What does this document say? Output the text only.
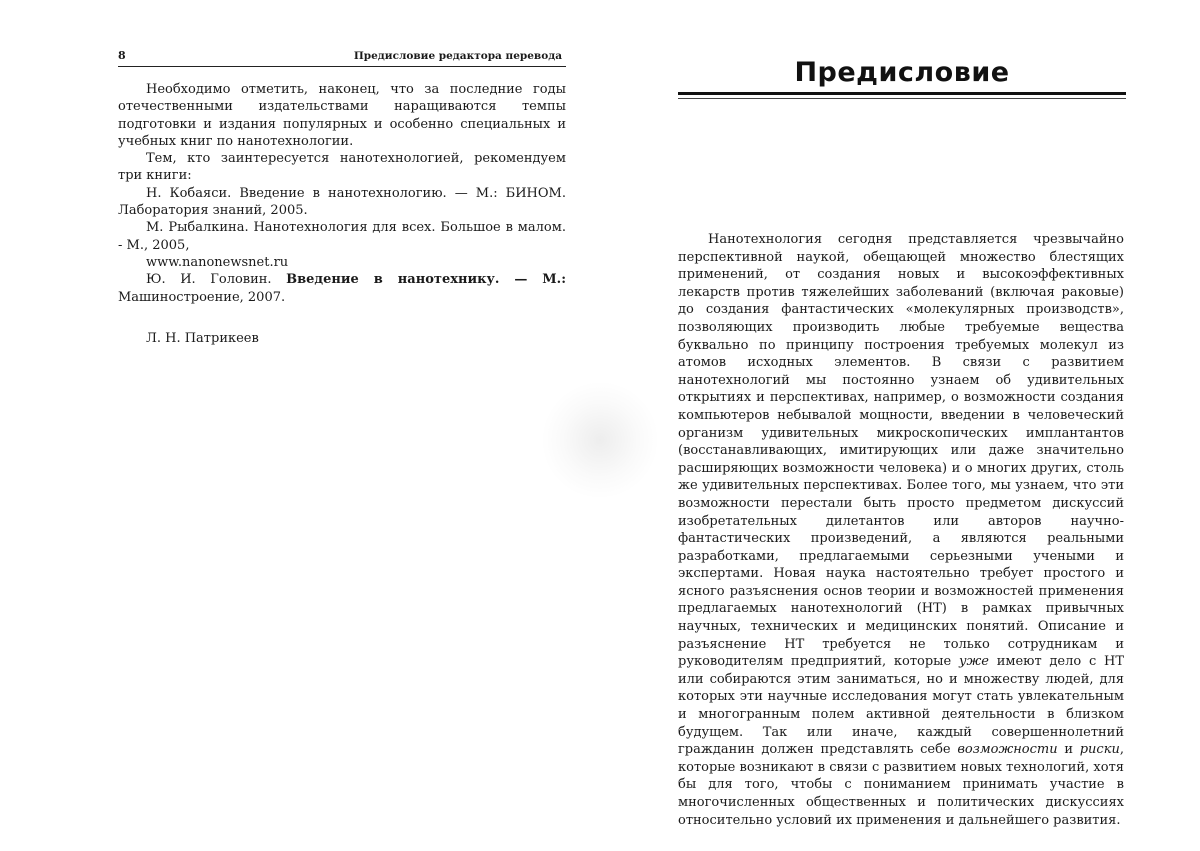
8	Предисловие редактора перевода

Необходимо отметить, наконец, что за последние годы отечественными издательствами наращиваются темпы подготовки и издания популярных и особенно специальных и учебных книг по нанотехнологии.

Тем, кто заинтересуется нанотехнологией, рекомендуем три книги:

Н. Кобаяси. Введение в нанотехнологию. — М.: БИНОМ. Лаборатория знаний, 2005.

М. Рыбалкина. Нанотехнология для всех. Большое в малом. - М., 2005,

www.nanonewsnet.ru

Ю. И. Головин. Введение в нанотехнику. — М.: Машиностроение, 2007.

Л. Н. Патрикеев

Предисловие

Нанотехнология сегодня представляется чрезвычайно перспективной наукой, обещающей множество блестящих применений, от создания новых и высокоэффективных лекарств против тяжелейших заболеваний (включая раковые) до создания фантастических «молекулярных производств», позволяющих производить любые требуемые вещества буквально по принципу построения требуемых молекул из атомов исходных элементов. В связи с развитием нанотехнологий мы постоянно узнаем об удивительных открытиях и перспективах, например, о возможности создания компьютеров небывалой мощности, введении в человеческий организм удивительных микроскопических имплантантов (восстанавливающих, имитирующих или даже значительно расширяющих возможности человека) и о многих других, столь же удивительных перспективах. Более того, мы узнаем, что эти возможности перестали быть просто предметом дискуссий изобретательных дилетантов или авторов научно-фантастических произведений, а являются реальными разработками, предлагаемыми серьезными учеными и экспертами. Новая наука настоятельно требует простого и ясного разъяснения основ теории и возможностей применения предлагаемых нанотехнологий (НТ) в рамках привычных научных, технических и медицинских понятий. Описание и разъяснение НТ требуется не только сотрудникам и руководителям предприятий, которые уже имеют дело с НТ или собираются этим заниматься, но и множеству людей, для которых эти научные исследования могут стать увлекательным и многогранным полем активной деятельности в близком будущем. Так или иначе, каждый совершеннолетний гражданин должен представлять себе возможности и риски, которые возникают в связи с развитием новых технологий, хотя бы для того, чтобы с пониманием принимать участие в многочисленных общественных и политических дискуссиях относительно условий их применения и дальнейшего развития.
